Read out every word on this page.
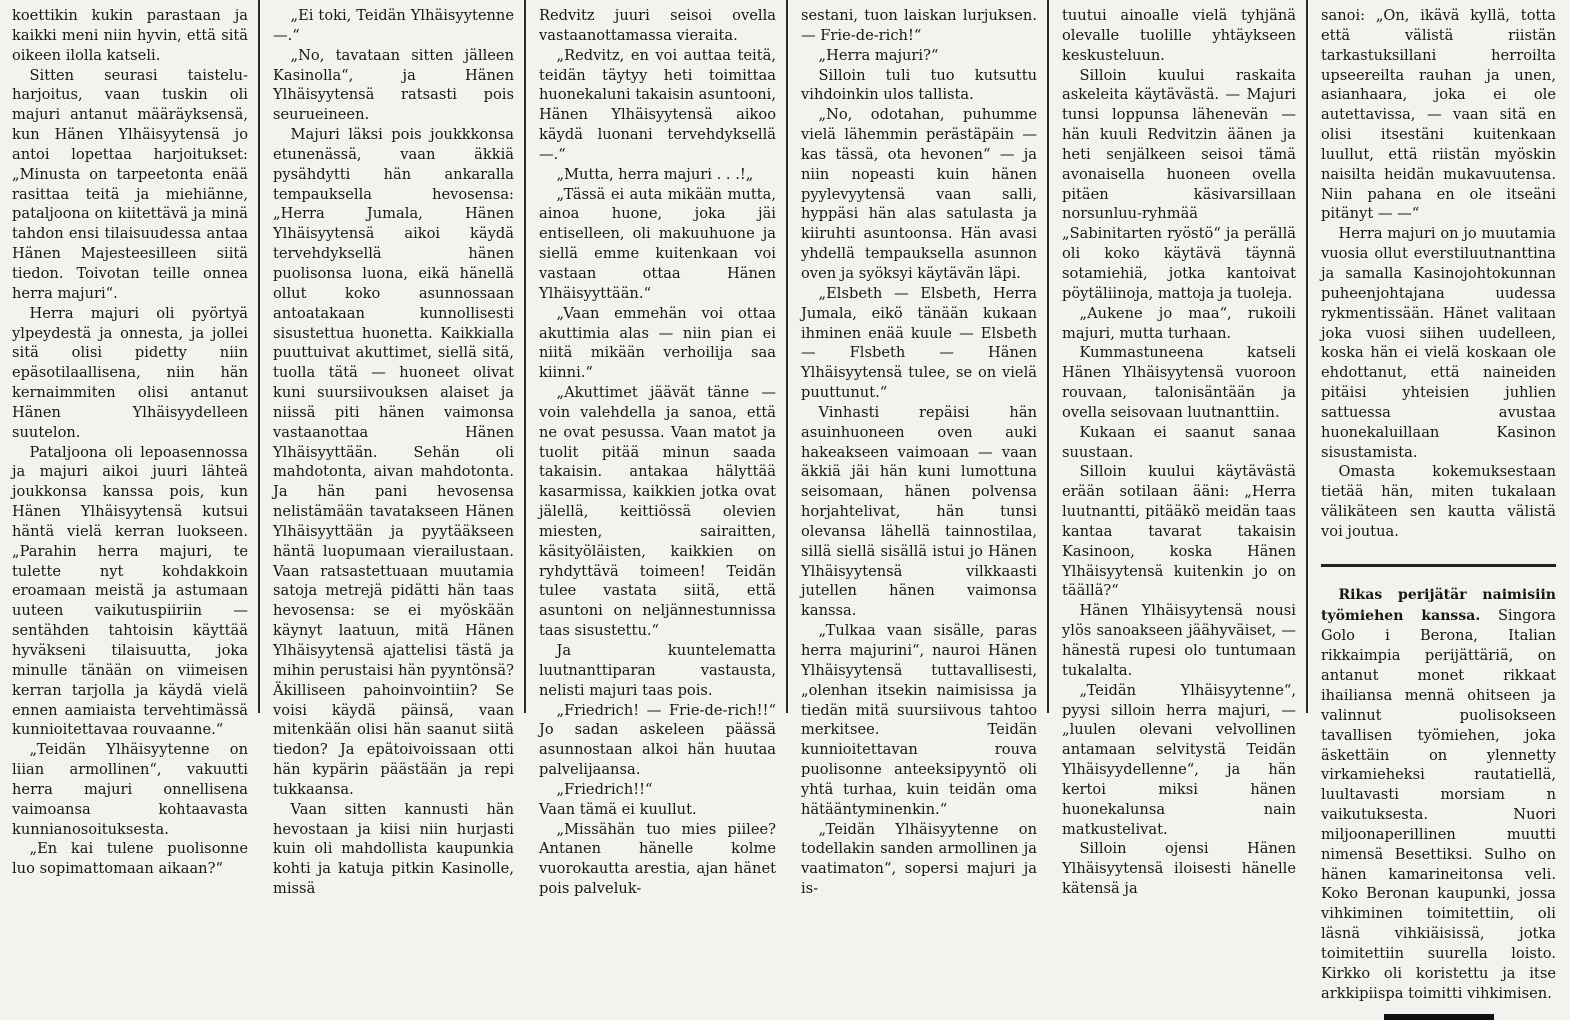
koettikin kukin parastaan ja kaikki meni niin hyvin, että sitä oikeen ilolla katseli.

Sitten seurasi taistelu-harjoitus, vaan tuskin oli majuri antanut määräyksensä, kun Hänen Ylhäisyytensä jo antoi lopettaa harjoitukset: „Minusta on tarpeetonta enää rasittaa teitä ja miehiänne, pataljoona on kiitettävä ja minä tahdon ensi tilaisuudessa antaa Hänen Majesteesilleen siitä tiedon. Toivotan teille onnea herra majuri“.

Herra majuri oli pyörtyä ylpeydestä ja onnesta, ja jollei sitä olisi pidetty niin epäsotilaallisena, niin hän kernaimmiten olisi antanut Hänen Ylhäisyydelleen suutelon.

Pataljoona oli lepoasennossa ja majuri aikoi juuri lähteä joukkonsa kanssa pois, kun Hänen Ylhäisyytensä kutsui häntä vielä kerran luokseen. „Parahin herra majuri, te tulette nyt kohdakkoin eroamaan meistä ja astumaan uuteen vaikutuspiiriin — sentähden tahtoisin käyttää hyväkseni tilaisuutta, joka minulle tänään on viimeisen kerran tarjolla ja käydä vielä ennen aamiaista tervehtimässä kunnioitettavaa rouvaanne.“

„Teidän Ylhäisyytenne on liian armollinen“, vakuutti herra majuri onnellisena vaimoansa kohtaavasta kunnianosoituksesta.

„En kai tulene puolisonne luo sopimattomaan aikaan?“

„Ei toki, Teidän Ylhäisyytenne —.“

„No, tavataan sitten jälleen Kasinolla“, ja Hänen Ylhäisyytensä ratsasti pois seurueineen.

Majuri läksi pois joukkkonsa etunenässä, vaan äkkiä pysähdytti hän ankaralla tempauksella hevosensa: „Herra Jumala, Hänen Ylhäisyytensä aikoi käydä tervehdyksellä hänen puolisonsa luona, eikä hänellä ollut koko asunnossaan antoatakaan kunnollisesti sisustettua huonetta. Kaikkialla puuttuivat akuttimet, siellä sitä, tuolla tätä — huoneet olivat kuni suursiivouksen alaiset ja niissä piti hänen vaimonsa vastaanottaa Hänen Ylhäisyyttään. Sehän oli mahdotonta, aivan mahdotonta. Ja hän pani hevosensa nelistämään tavatakseen Hänen Ylhäisyyttään ja pyytääkseen häntä luopumaan vierailustaan. Vaan ratsastettuaan muutamia satoja metrejä pidätti hän taas hevosensa: se ei myöskään käynyt laatuun, mitä Hänen Ylhäisyytensä ajattelisi tästä ja mihin perustaisi hän pyyntönsä? Äkilliseen pahoinvointiin? Se voisi käydä päinsä, vaan mitenkään olisi hän saanut siitä tiedon? Ja epätoivoissaan otti hän kypärin päästään ja repi tukkaansa.

Vaan sitten kannusti hän hevostaan ja kiisi niin hurjasti kuin oli mahdollista kaupunkia kohti ja katuja pitkin Kasinolle, missä

Redvitz juuri seisoi ovella vastaanottamassa vieraita.

„Redvitz, en voi auttaa teitä, teidän täytyy heti toimittaa huonekaluni takaisin asuntooni, Hänen Ylhäisyytensä aikoo käydä luonani tervehdyksellä —.“

„Mutta, herra majuri . . .!„

„Tässä ei auta mikään mutta, ainoa huone, joka jäi entiselleen, oli makuuhuone ja siellä emme kuitenkaan voi vastaan ottaa Hänen Ylhäisyyttään.“

„Vaan emmehän voi ottaa akuttimia alas — niin pian ei niitä mikään verhoilija saa kiinni.“

„Akuttimet jäävät tänne — voin valehdella ja sanoa, että ne ovat pesussa. Vaan matot ja tuolit pitää minun saada takaisin. antakaa hälyttää kasarmissa, kaikkien jotka ovat jälellä, keittiössä olevien miesten, sairaitten, käsityöläisten, kaikkien on ryhdyttävä toimeen! Teidän tulee vastata siitä, että asuntoni on neljännestunnissa taas sisustettu.“

Ja kuuntelematta luutnanttiparan vastausta, nelisti majuri taas pois.

„Friedrich! — Frie-de-rich!!“ Jo sadan askeleen päässä asunnostaan alkoi hän huutaa palvelijaansa.

„Friedrich!!“

Vaan tämä ei kuullut.

„Missähän tuo mies piilee? Antanen hänelle kolme vuorokautta arestia, ajan hänet pois palveluk-

sestani, tuon laiskan lurjuksen. — Frie-de-rich!“

„Herra majuri?“

Silloin tuli tuo kutsuttu vihdoinkin ulos tallista.

„No, odotahan, puhumme vielä lähemmin perästäpäin — kas tässä, ota hevonen“ — ja niin nopeasti kuin hänen pyylevyytensä vaan salli, hyppäsi hän alas satulasta ja kiiruhti asuntoonsa. Hän avasi yhdellä tempauksella asunnon oven ja syöksyi käytävän läpi.

„Elsbeth — Elsbeth, Herra Jumala, eikö tänään kukaan ihminen enää kuule — Elsbeth — Flsbeth — Hänen Ylhäisyytensä tulee, se on vielä puuttunut.“

Vinhasti repäisi hän asuinhuoneen oven auki hakeakseen vaimoaan — vaan äkkiä jäi hän kuni lumottuna seisomaan, hänen polvensa horjahtelivat, hän tunsi olevansa lähellä tainnostilaa, sillä siellä sisällä istui jo Hänen Ylhäisyytensä vilkkaasti jutellen hänen vaimonsa kanssa.

„Tulkaa vaan sisälle, paras herra majurini“, nauroi Hänen Ylhäisyytensä tuttavallisesti, „olenhan itsekin naimisissa ja tiedän mitä suursiivous tahtoo merkitsee. Teidän kunnioitettavan rouva puolisonne anteeksipyyntö oli yhtä turhaa, kuin teidän oma hätääntyminenkin.“

„Teidän Ylhäisyytenne on todellakin sanden armollinen ja vaatimaton“, sopersi majuri ja is-

tuutui ainoalle vielä tyhjänä olevalle tuolille yhtäykseen keskusteluun.

Silloin kuului raskaita askeleita käytävästä. — Majuri tunsi loppunsa lähenevän — hän kuuli Redvitzin äänen ja heti senjälkeen seisoi tämä avonaisella huoneen ovella pitäen käsivarsillaan norsunluu-ryhmää „Sabinitarten ryöstö“ ja perällä oli koko käytävä täynnä sotamiehiä, jotka kantoivat pöytäliinoja, mattoja ja tuoleja.

„Aukene jo maa“, rukoili majuri, mutta turhaan.

Kummastuneena katseli Hänen Ylhäisyytensä vuoroon rouvaan, talonisäntään ja ovella seisovaan luutnanttiin.

Kukaan ei saanut sanaa suustaan.

Silloin kuului käytävästä erään sotilaan ääni: „Herra luutnantti, pitääkö meidän taas kantaa tavarat takaisin Kasinoon, koska Hänen Ylhäisyytensä kuitenkin jo on täällä?“

Hänen Ylhäisyytensä nousi ylös sanoakseen jäähyväiset, — hänestä rupesi olo tuntumaan tukalalta.

„Teidän Ylhäisyytenne“, pyysi silloin herra majuri, — „luulen olevani velvollinen antamaan selvitystä Teidän Ylhäisyydellenne“, ja hän kertoi miksi hänen huonekalunsa nain matkustelivat.

Silloin ojensi Hänen Ylhäisyytensä iloisesti hänelle kätensä ja

sanoi: „On, ikävä kyllä, totta että välistä riistän tarkastuksillani herroilta upseereilta rauhan ja unen, asianhaara, joka ei ole autettavissa, — vaan sitä en olisi itsestäni kuitenkaan luullut, että riistän myöskin naisilta heidän mukavuutensa. Niin pahana en ole itseäni pitänyt — —“

Herra majuri on jo muutamia vuosia ollut everstiluutnanttina ja samalla Kasinojohtokunnan puheenjohtajana uudessa rykmentissään. Hänet valitaan joka vuosi siihen uudelleen, koska hän ei vielä koskaan ole ehdottanut, että naineiden pitäisi yhteisien juhlien sattuessa avustaa huonekaluillaan Kasinon sisustamista.

Omasta kokemuksestaan tietää hän, miten tukalaan välikäteen sen kautta välistä voi joutua.

Rikas perijätär naimisiin työmiehen kanssa. Singora Golo i Berona, Italian rikkaimpia perijättäriä, on antanut monet rikkaat ihailiansa mennä ohitseen ja valinnut puolisokseen tavallisen työmiehen, joka äskettäin on ylennetty virkamieheksi rautatiellä, luultavasti morsiam n vaikutuksesta. Nuori miljoonaperillinen muutti nimensä Besettiksi. Sulho on hänen kamarineitonsa veli. Koko Beronan kaupunki, jossa vihkiminen toimitettiin, oli läsnä vihkiäisissä, jotka toimitettiin suurella loisto. Kirkko oli koristettu ja itse arkkipiispa toimitti vihkimisen.
